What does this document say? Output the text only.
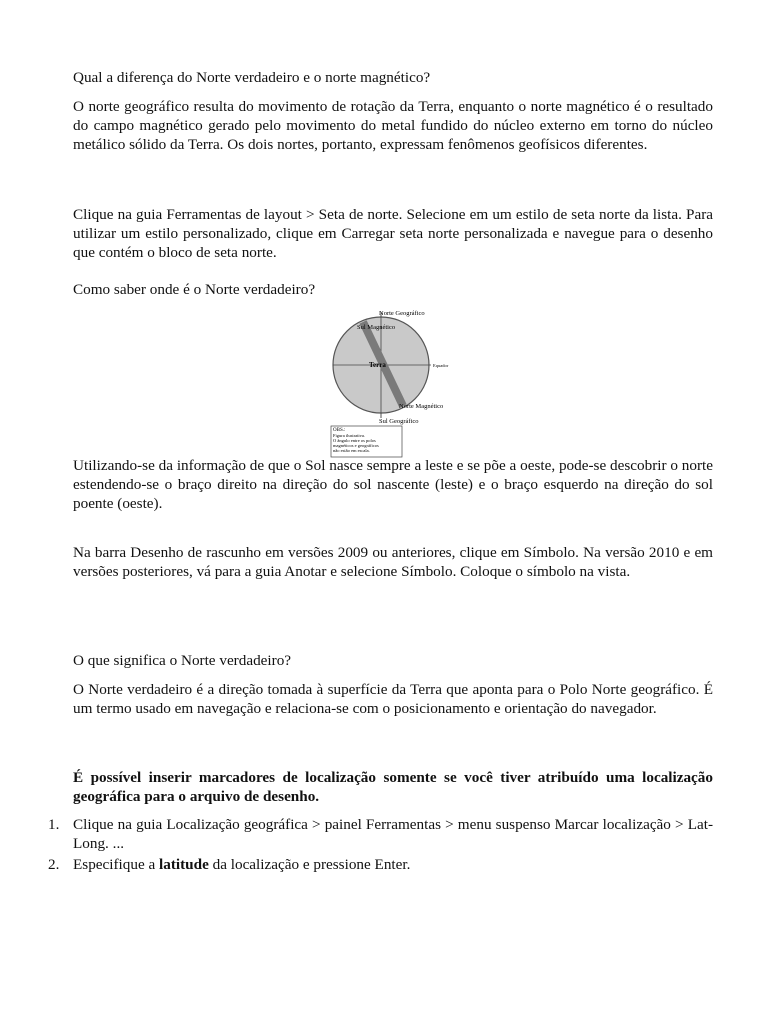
Qual a diferença do Norte verdadeiro e o norte magnético?

O norte geográfico resulta do movimento de rotação da Terra, enquanto o norte magnético é o resultado do campo magnético gerado pelo movimento do metal fundido do núcleo externo em torno do núcleo metálico sólido da Terra. Os dois nortes, portanto, expressam fenômenos geofísicos diferentes.

Clique na guia Ferramentas de layout > Seta de norte. Selecione em um estilo de seta norte da lista. Para utilizar um estilo personalizado, clique em Carregar seta norte personalizada e navegue para o desenho que contém o bloco de seta norte.

Como saber onde é o Norte verdadeiro?

Norte Geográfico
Sul Magnético
Terra	Equador
Norte Magnético
Sul Geográfico
OBS.:
Figura ilustrativa.
O ângulo entre os polos
magnéticos e geográficos
não estão em escala.

Utilizando-se da informação de que o Sol nasce sempre a leste e se põe a oeste, pode-se descobrir o norte estendendo-se o braço direito na direção do sol nascente (leste) e o braço esquerdo na direção do sol poente (oeste).

Na barra Desenho de rascunho em versões 2009 ou anteriores, clique em Símbolo. Na versão 2010 e em versões posteriores, vá para a guia Anotar e selecione Símbolo. Coloque o símbolo na vista.

O que significa o Norte verdadeiro?

O Norte verdadeiro é a direção tomada à superfície da Terra que aponta para o Polo Norte geográfico. É um termo usado em navegação e relaciona-se com o posicionamento e orientação do navegador.

É possível inserir marcadores de localização somente se você tiver atribuído uma localização geográfica para o arquivo de desenho.

1. Clique na guia Localização geográfica > painel Ferramentas > menu suspenso Marcar localização > Lat-Long. ...
2. Especifique a latitude da localização e pressione Enter.
